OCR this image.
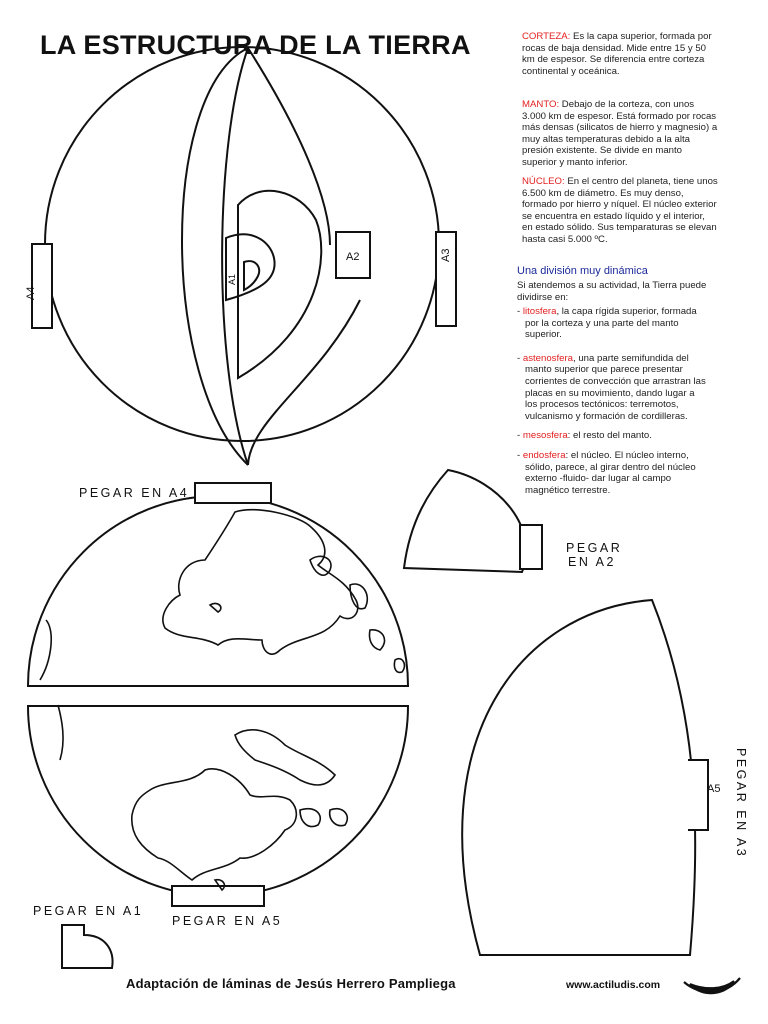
LA ESTRUCTURA DE LA TIERRA
A4
A3
A2
A1
A5
PEGAR EN A4
PEGAR
EN A2
PEGAR EN A3
PEGAR EN A1
PEGAR EN A5

CORTEZA: Es la capa superior, formada por rocas de baja densidad. Mide entre 15 y 50 km de espesor. Se diferencia entre corteza continental y oceánica.

MANTO: Debajo de la corteza, con unos 3.000 km de espesor. Está formado por rocas más densas (silicatos de hierro y magnesio) a muy altas temperaturas debido a la alta presión existente. Se divide en manto superior y manto inferior.

NÚCLEO: En el centro del planeta, tiene unos 6.500 km de diámetro. Es muy denso, formado por hierro y níquel. El núcleo exterior se encuentra en estado líquido y el interior, en estado sólido. Sus temparaturas se elevan hasta casi 5.000 ºC.

Una división muy dinámica
Si atendemos a su actividad, la Tierra puede dividirse en:

- litosfera, la capa rígida superior, formada por la corteza y una parte del manto superior.

- astenosfera, una parte semifundida del manto superior que parece presentar corrientes de convección que arrastran las placas en su movimiento, dando lugar a los procesos tectónicos: terremotos, vulcanismo y formación de cordilleras.

- mesosfera: el resto del manto.

- endosfera: el núcleo. El núcleo interno, sólido, parece, al girar dentro del núcleo externo -fluido- dar lugar al campo magnético terrestre.

Adaptación de láminas de Jesús Herrero Pampliega	www.actiludis.com
